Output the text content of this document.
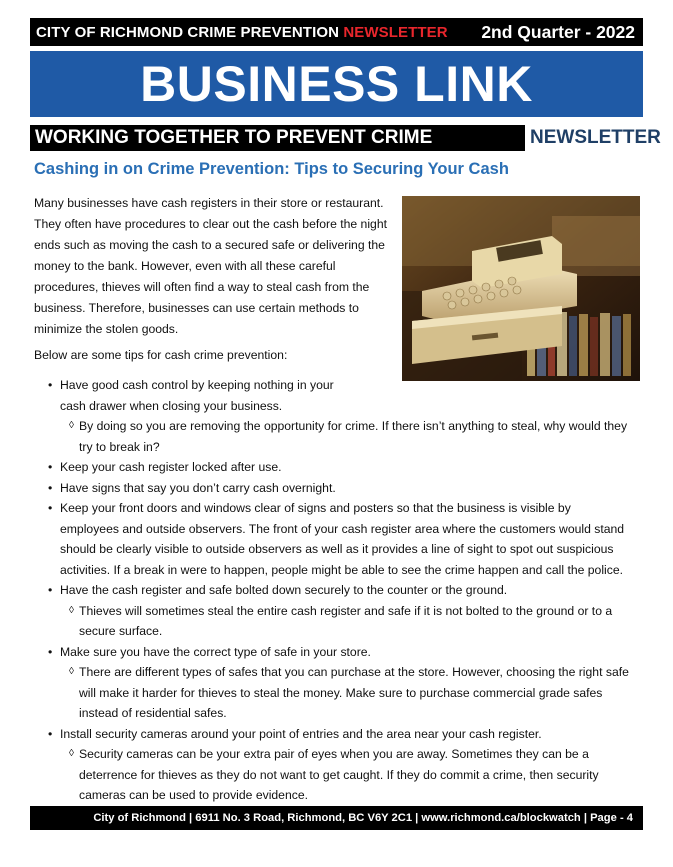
CITY OF RICHMOND CRIME PREVENTION NEWSLETTER 2nd Quarter - 2022
BUSINESS LINK
WORKING TOGETHER TO PREVENT CRIME	NEWSLETTER
Cashing in on Crime Prevention: Tips to Securing Your Cash

Many businesses have cash registers in their store or restaurant. They often have procedures to clear out the cash before the night ends such as moving the cash to a secured safe or delivering the money to the bank. However, even with all these careful procedures, thieves will often find a way to steal cash from the business. Therefore, businesses can use certain methods to minimize the stolen goods.

Below are some tips for cash crime prevention:
• Have good cash control by keeping nothing in your cash drawer when closing your business.
◊ By doing so you are removing the opportunity for crime. If there isn’t anything to steal, why would they try to break in?
• Keep your cash register locked after use.
• Have signs that say you don’t carry cash overnight.
• Keep your front doors and windows clear of signs and posters so that the business is visible by employees and outside observers. The front of your cash register area where the customers would stand should be clearly visible to outside observers as well as it provides a line of sight to spot out suspicious activities. If a break in were to happen, people might be able to see the crime happen and call the police.
• Have the cash register and safe bolted down securely to the counter or the ground.
◊ Thieves will sometimes steal the entire cash register and safe if it is not bolted to the ground or to a secure surface.
• Make sure you have the correct type of safe in your store.
◊ There are different types of safes that you can purchase at the store. However, choosing the right safe will make it harder for thieves to steal the money. Make sure to purchase commercial grade safes instead of residential safes.
• Install security cameras around your point of entries and the area near your cash register.
◊ Security cameras can be your extra pair of eyes when you are away. Sometimes they can be a deterrence for thieves as they do not want to get caught. If they do commit a crime, then security cameras can be used to provide evidence.
City of Richmond | 6911 No. 3 Road, Richmond, BC V6Y 2C1 | www.richmond.ca/blockwatch | Page - 4
